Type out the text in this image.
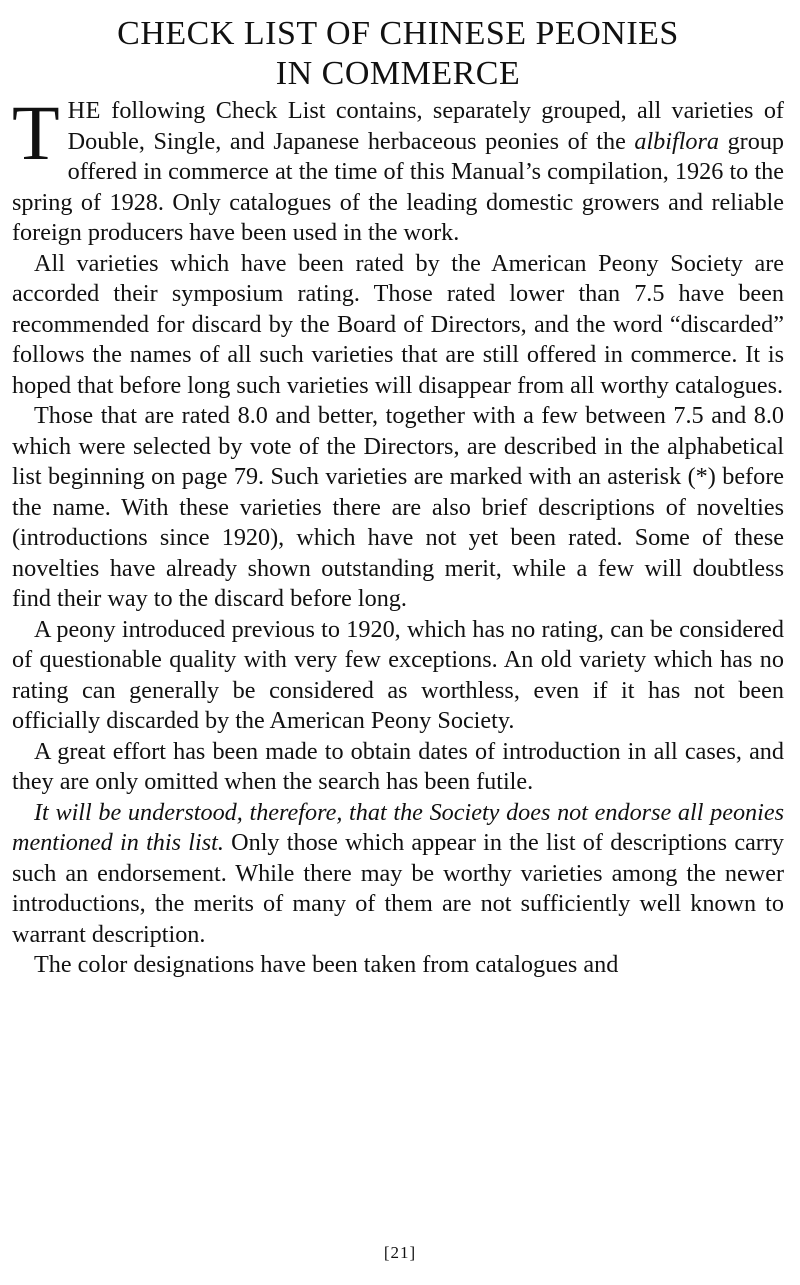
CHECK LIST OF CHINESE PEONIES
IN COMMERCE

THE following Check List contains, separately grouped, all varieties of Double, Single, and Japanese herbaceous peonies of the albiflora group offered in commerce at the time of this Manual’s compilation, 1926 to the spring of 1928. Only catalogues of the leading domestic growers and reliable foreign producers have been used in the work.

All varieties which have been rated by the American Peony Society are accorded their symposium rating. Those rated lower than 7.5 have been recommended for discard by the Board of Directors, and the word “discarded” follows the names of all such varieties that are still offered in commerce. It is hoped that before long such varieties will disappear from all worthy catalogues.

Those that are rated 8.0 and better, together with a few between 7.5 and 8.0 which were selected by vote of the Directors, are described in the alphabetical list beginning on page 79. Such varieties are marked with an asterisk (*) before the name. With these varieties there are also brief descriptions of novelties (introductions since 1920), which have not yet been rated. Some of these novelties have already shown outstanding merit, while a few will doubtless find their way to the discard before long.

A peony introduced previous to 1920, which has no rating, can be considered of questionable quality with very few exceptions. An old variety which has no rating can generally be considered as worthless, even if it has not been officially discarded by the American Peony Society.

A great effort has been made to obtain dates of introduction in all cases, and they are only omitted when the search has been futile.

It will be understood, therefore, that the Society does not endorse all peonies mentioned in this list. Only those which appear in the list of descriptions carry such an endorsement. While there may be worthy varieties among the newer introductions, the merits of many of them are not sufficiently well known to warrant description.

The color designations have been taken from catalogues and

[21]
